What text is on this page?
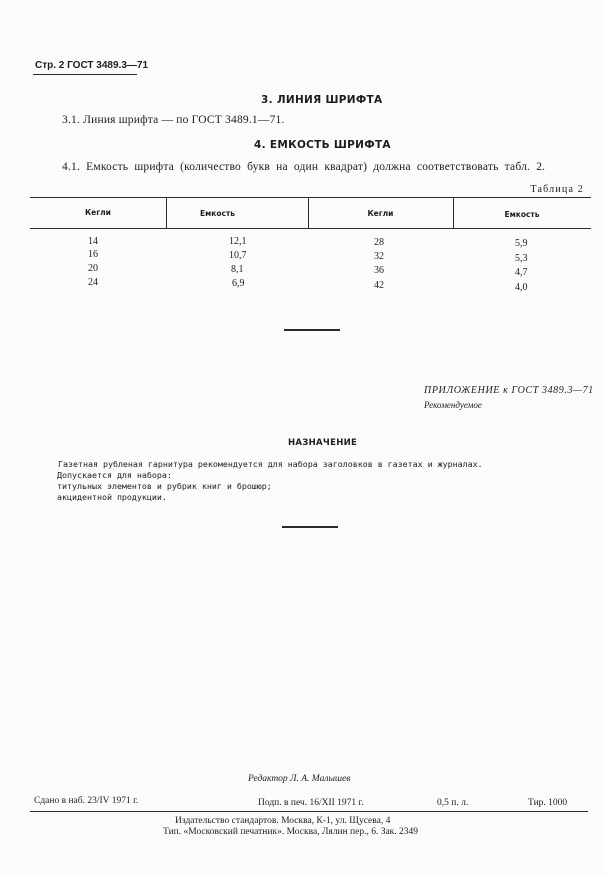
Стр. 2 ГОСТ 3489.3—71
3. ЛИНИЯ ШРИФТА
3.1. Линия шрифта — по ГОСТ 3489.1—71.
4. ЕМКОСТЬ ШРИФТА
4.1. Емкость шрифта (количество букв на один квадрат) должна соответствовать табл. 2.
Таблица 2
Кегли	Емкость	Кегли	Емкость
14	12,1	28	5,9
16	10,7	32	5,3
20	8,1	36	4,7
24	6,9	42	4,0
ПРИЛОЖЕНИЕ к ГОСТ 3489.3—71
Рекомендуемое
НАЗНАЧЕНИЕ
Газетная рубленая гарнитура рекомендуется для набора заголовков в газетах и журналах.
Допускается для набора:
титульных элементов и рубрик книг и брошюр;
акцидентной продукции.
Редактор Л. А. Малышев
Сдано в наб. 23/IV 1971 г.	Подп. в печ. 16/XII 1971 г.	0,5 п. л.	Тир. 1000
Издательство стандартов. Москва, К-1, ул. Щусева, 4
Тип. «Московский печатник». Москва, Лялин пер., 6. Зак. 2349
